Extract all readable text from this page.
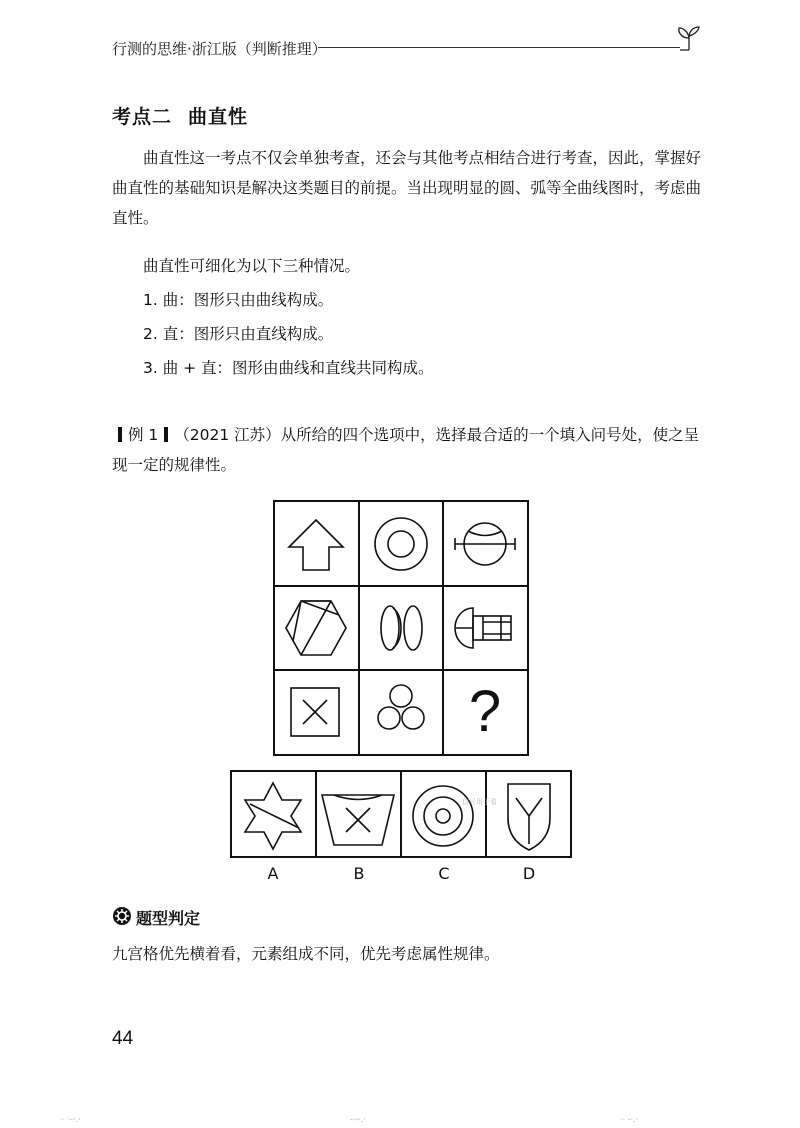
行测的思维·浙江版（判断推理）
考点二 曲直性
曲直性这一考点不仅会单独考查，还会与其他考点相结合进行考查，因此，掌握好曲直性的基础知识是解决这类题目的前提。当出现明显的圆、弧等全曲线图时，考虑曲直性。
曲直性可细化为以下三种情况。
1. 曲：图形只由曲线构成。
2. 直：图形只由直线构成。
3. 曲 + 直：图形由曲线和直线共同构成。
例 1 （2021 江苏）从所给的四个选项中，选择最合适的一个填入问号处，使之呈现一定的规律性。
?
信号用于看
A	B	C	D
题型判定
九宫格优先横着看，元素组成不同，优先考虑属性规律。
44
·· ·-·.·	-·-·.·	·· -·.·
